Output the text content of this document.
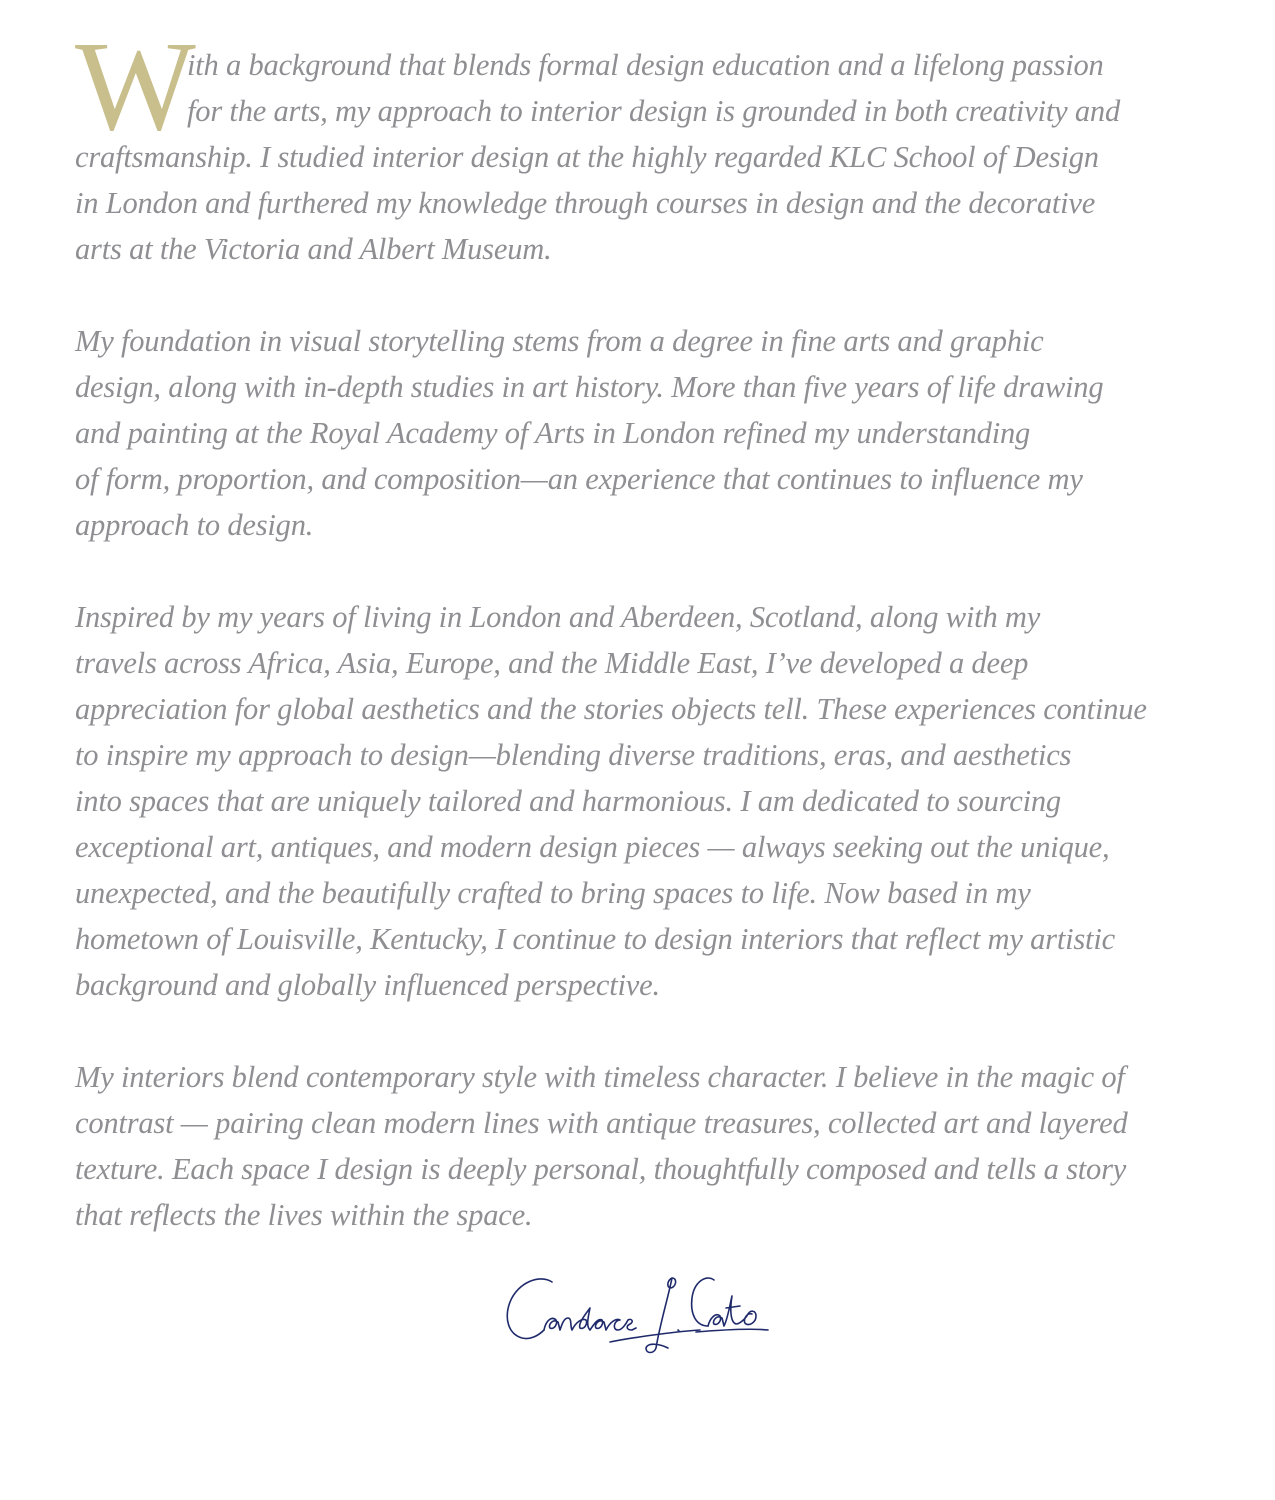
W

ith a background that blends formal design education and a lifelong passion
for the arts, my approach to interior design is grounded in both creativity and
craftsmanship. I studied interior design at the highly regarded KLC School of Design
in London and furthered my knowledge through courses in design and the decorative
arts at the Victoria and Albert Museum.

My foundation in visual storytelling stems from a degree in fine arts and graphic
design, along with in-depth studies in art history. More than five years of life drawing
and painting at the Royal Academy of Arts in London refined my understanding
of form, proportion, and composition—an experience that continues to influence my
approach to design.

Inspired by my years of living in London and Aberdeen, Scotland, along with my
travels across Africa, Asia, Europe, and the Middle East, I’ve developed a deep
appreciation for global aesthetics and the stories objects tell. These experiences continue
to inspire my approach to design—blending diverse traditions, eras, and aesthetics
into spaces that are uniquely tailored and harmonious. I am dedicated to sourcing
exceptional art, antiques, and modern design pieces — always seeking out the unique,
unexpected, and the beautifully crafted to bring spaces to life. Now based in my
hometown of Louisville, Kentucky, I continue to design interiors that reflect my artistic
background and globally influenced perspective.

My interiors blend contemporary style with timeless character. I believe in the magic of
contrast — pairing clean modern lines with antique treasures, collected art and layered
texture. Each space I design is deeply personal, thoughtfully composed and tells a story
that reflects the lives within the space.
